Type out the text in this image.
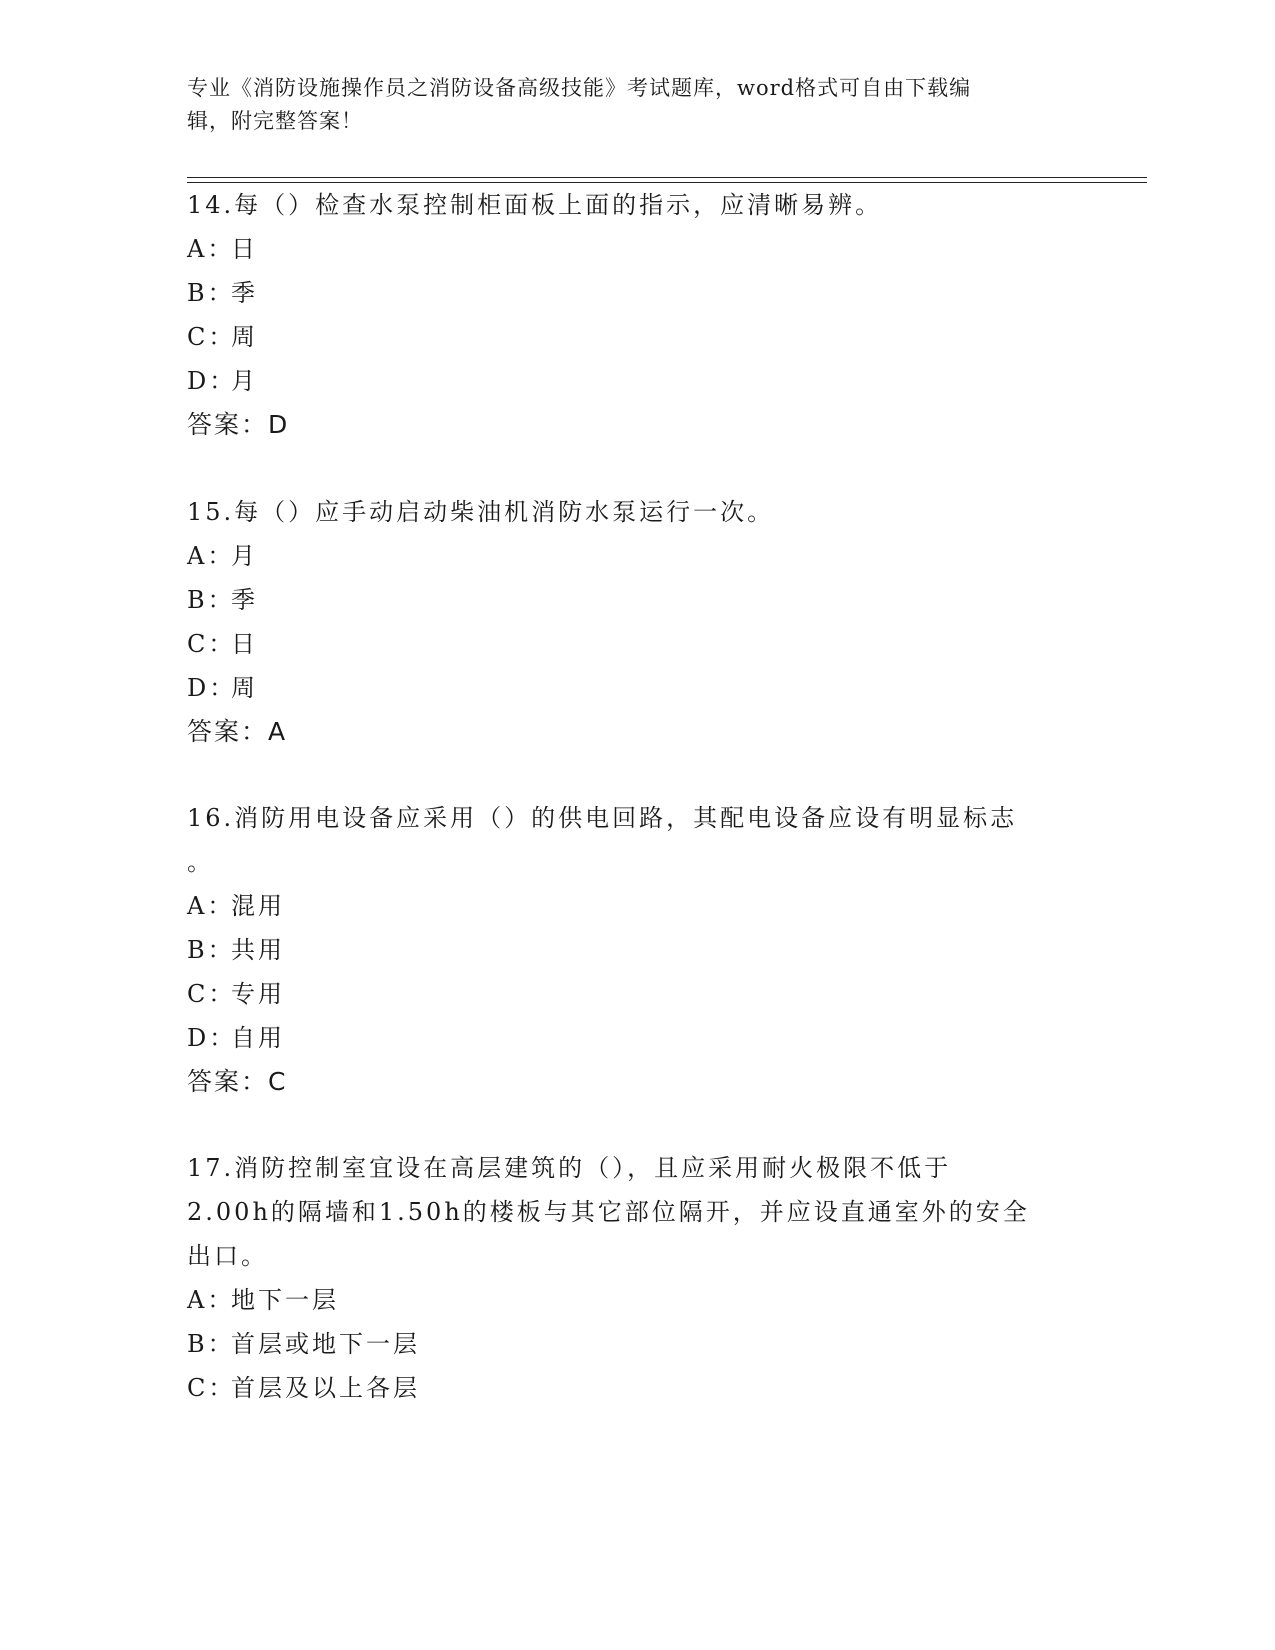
专业《消防设施操作员之消防设备高级技能》考试题库，word格式可自由下载编
辑，附完整答案！
14.每（）检查水泵控制柜面板上面的指示，应清晰易辨。
A：日
B：季
C：周
D：月
答案：D
15.每（）应手动启动柴油机消防水泵运行一次。
A：月
B：季
C：日
D：周
答案：A
16.消防用电设备应采用（）的供电回路，其配电设备应设有明显标志
。
A：混用
B：共用
C：专用
D：自用
答案：C
17.消防控制室宜设在高层建筑的（），且应采用耐火极限不低于
2.00h的隔墙和1.50h的楼板与其它部位隔开，并应设直通室外的安全
出口。
A：地下一层
B：首层或地下一层
C：首层及以上各层
